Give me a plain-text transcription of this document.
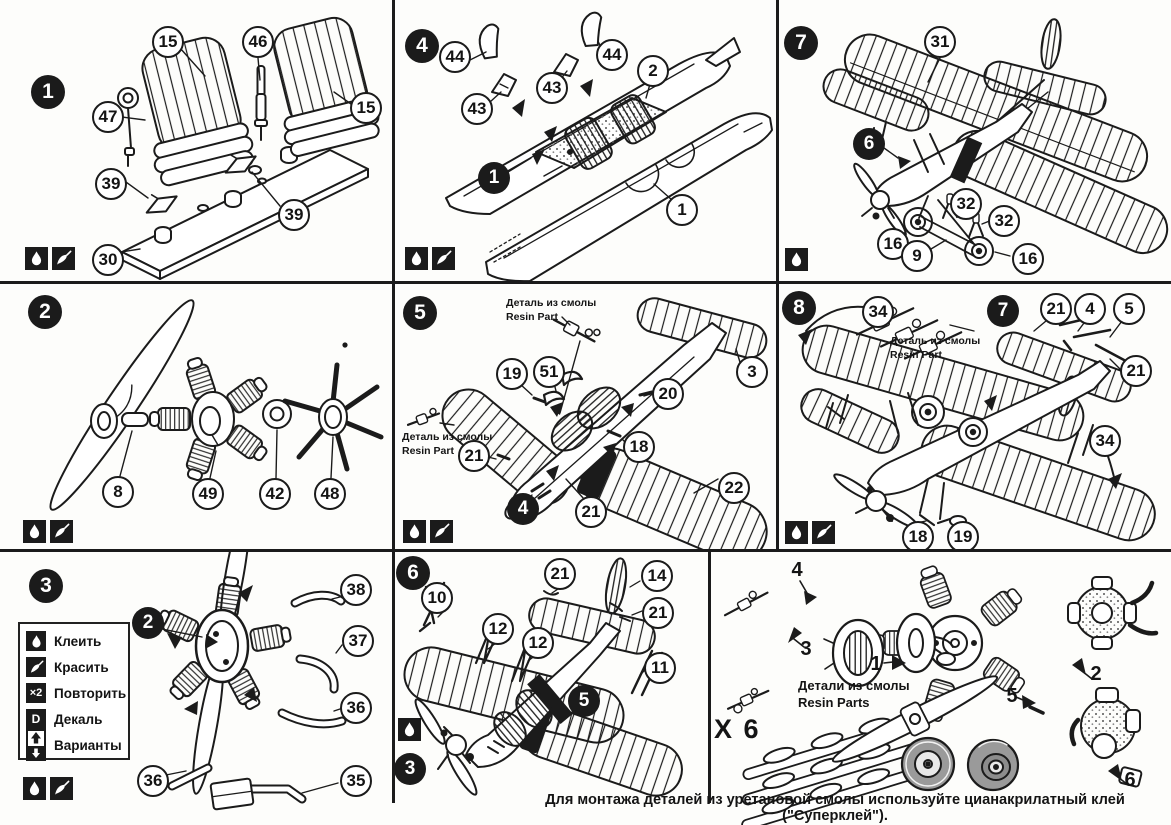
1
15	46
15
47
39
39
30
4
1
44
43
43
44
2
1
7
6
31
32
32
16
9	16
2
8	49	42	48
5
4
19	51
20
3
18
21
22
21
Деталь из смолы
Resin Part
Деталь из смолы
Resin Part
8	7
34	21	4	5
21
34
18	19
Деталь из смолы
Resin Part
3
2
38
37
36
36	35
Клеить
Красить
×2 Повторить
D Декаль
Варианты
6
5
3
10
21	14
21
12
12
11
4
3
1	2
5
6
X 6
Детали из смолы
Resin Parts
Для монтажа деталей из уретановой смолы используйте цианакрилатный клей ("Суперклей").
